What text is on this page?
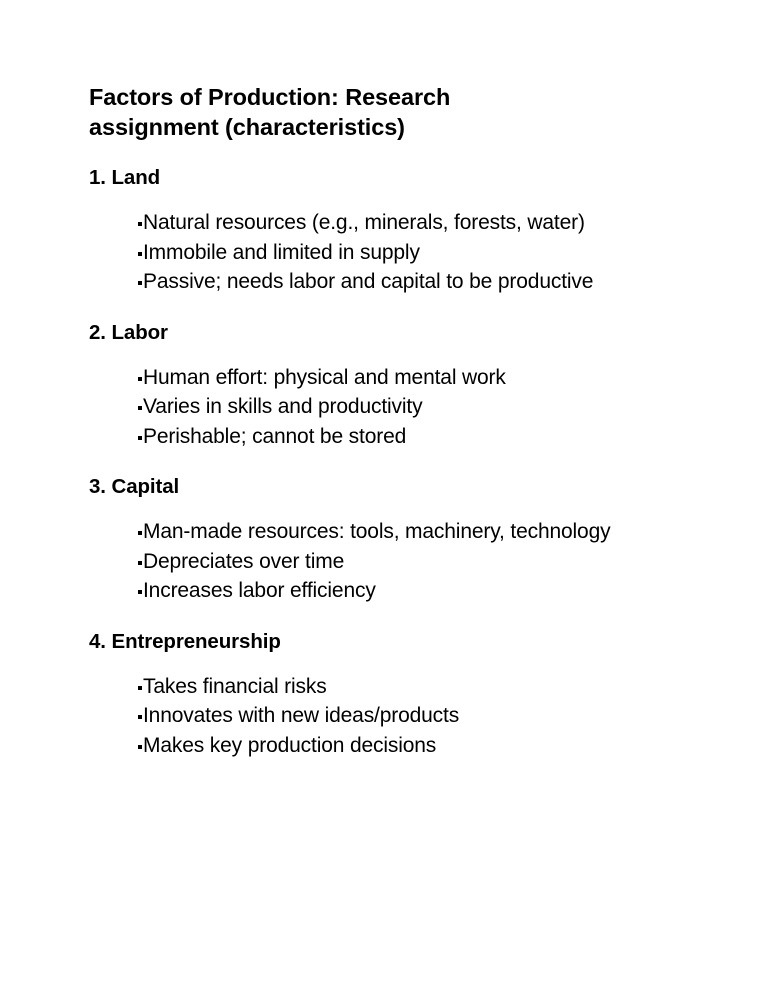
Factors of Production: Research assignment (characteristics)
1. Land
Natural resources (e.g., minerals, forests, water)
Immobile and limited in supply
Passive; needs labor and capital to be productive
2. Labor
Human effort: physical and mental work
Varies in skills and productivity
Perishable; cannot be stored
3. Capital
Man-made resources: tools, machinery, technology
Depreciates over time
Increases labor efficiency
4. Entrepreneurship
Takes financial risks
Innovates with new ideas/products
Makes key production decisions
